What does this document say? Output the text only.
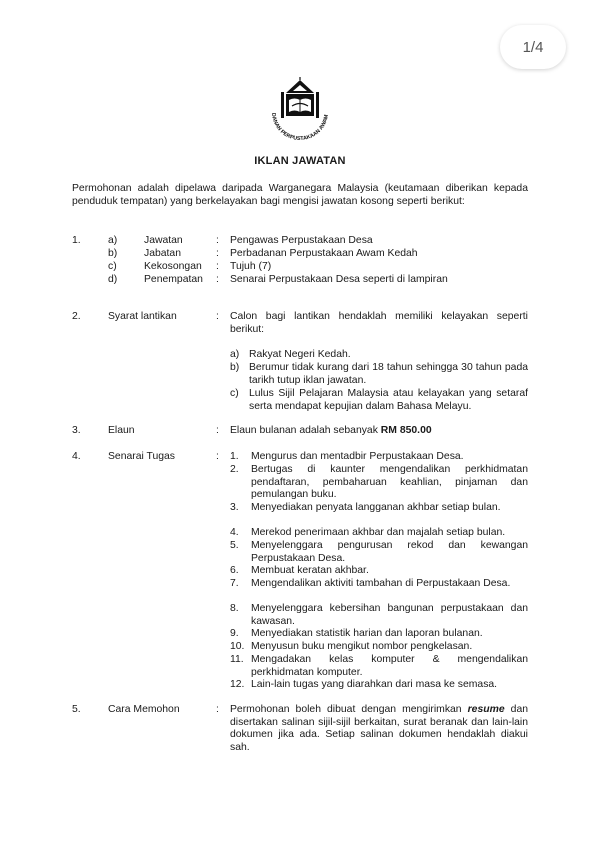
1/4
DANAN PERPUSTAKAAN AWAM
IKLAN JAWATAN
Permohonan adalah dipelawa daripada Warganegara Malaysia (keutamaan diberikan kepada penduduk tempatan) yang berkelayakan bagi mengisi jawatan kosong seperti berikut:
1.	a)	Jawatan	: Pengawas Perpustakaan Desa
b)	Jabatan	: Perbadanan Perpustakaan Awam Kedah
c)	Kekosongan : Tujuh (7)
d)	Penempatan : Senarai Perpustakaan Desa seperti di lampiran
2.	Syarat lantikan	: Calon bagi lantikan hendaklah memiliki kelayakan seperti berikut:
a) Rakyat Negeri Kedah.
b) Berumur tidak kurang dari 18 tahun sehingga 30 tahun pada tarikh tutup iklan jawatan.
c) Lulus Sijil Pelajaran Malaysia atau kelayakan yang setaraf serta mendapat kepujian dalam Bahasa Melayu.
3.	Elaun	: Elaun bulanan adalah sebanyak RM 850.00
4.	Senarai Tugas	: 1. Mengurus dan mentadbir Perpustakaan Desa.
2. Bertugas di kaunter mengendalikan perkhidmatan pendaftaran, pembaharuan keahlian, pinjaman dan pemulangan buku.
3. Menyediakan penyata langganan akhbar setiap bulan.
4. Merekod penerimaan akhbar dan majalah setiap bulan.
5. Menyelenggara pengurusan rekod dan kewangan Perpustakaan Desa.
6. Membuat keratan akhbar.
7. Mengendalikan aktiviti tambahan di Perpustakaan Desa.
8. Menyelenggara kebersihan bangunan perpustakaan dan kawasan.
9. Menyediakan statistik harian dan laporan bulanan.
10. Menyusun buku mengikut nombor pengkelasan.
11. Mengadakan kelas komputer & mengendalikan perkhidmatan komputer.
12. Lain-lain tugas yang diarahkan dari masa ke semasa.
5.	Cara Memohon	: Permohonan boleh dibuat dengan mengirimkan resume dan disertakan salinan sijil-sijil berkaitan, surat beranak dan lain-lain dokumen jika ada. Setiap salinan dokumen hendaklah diakui sah.
